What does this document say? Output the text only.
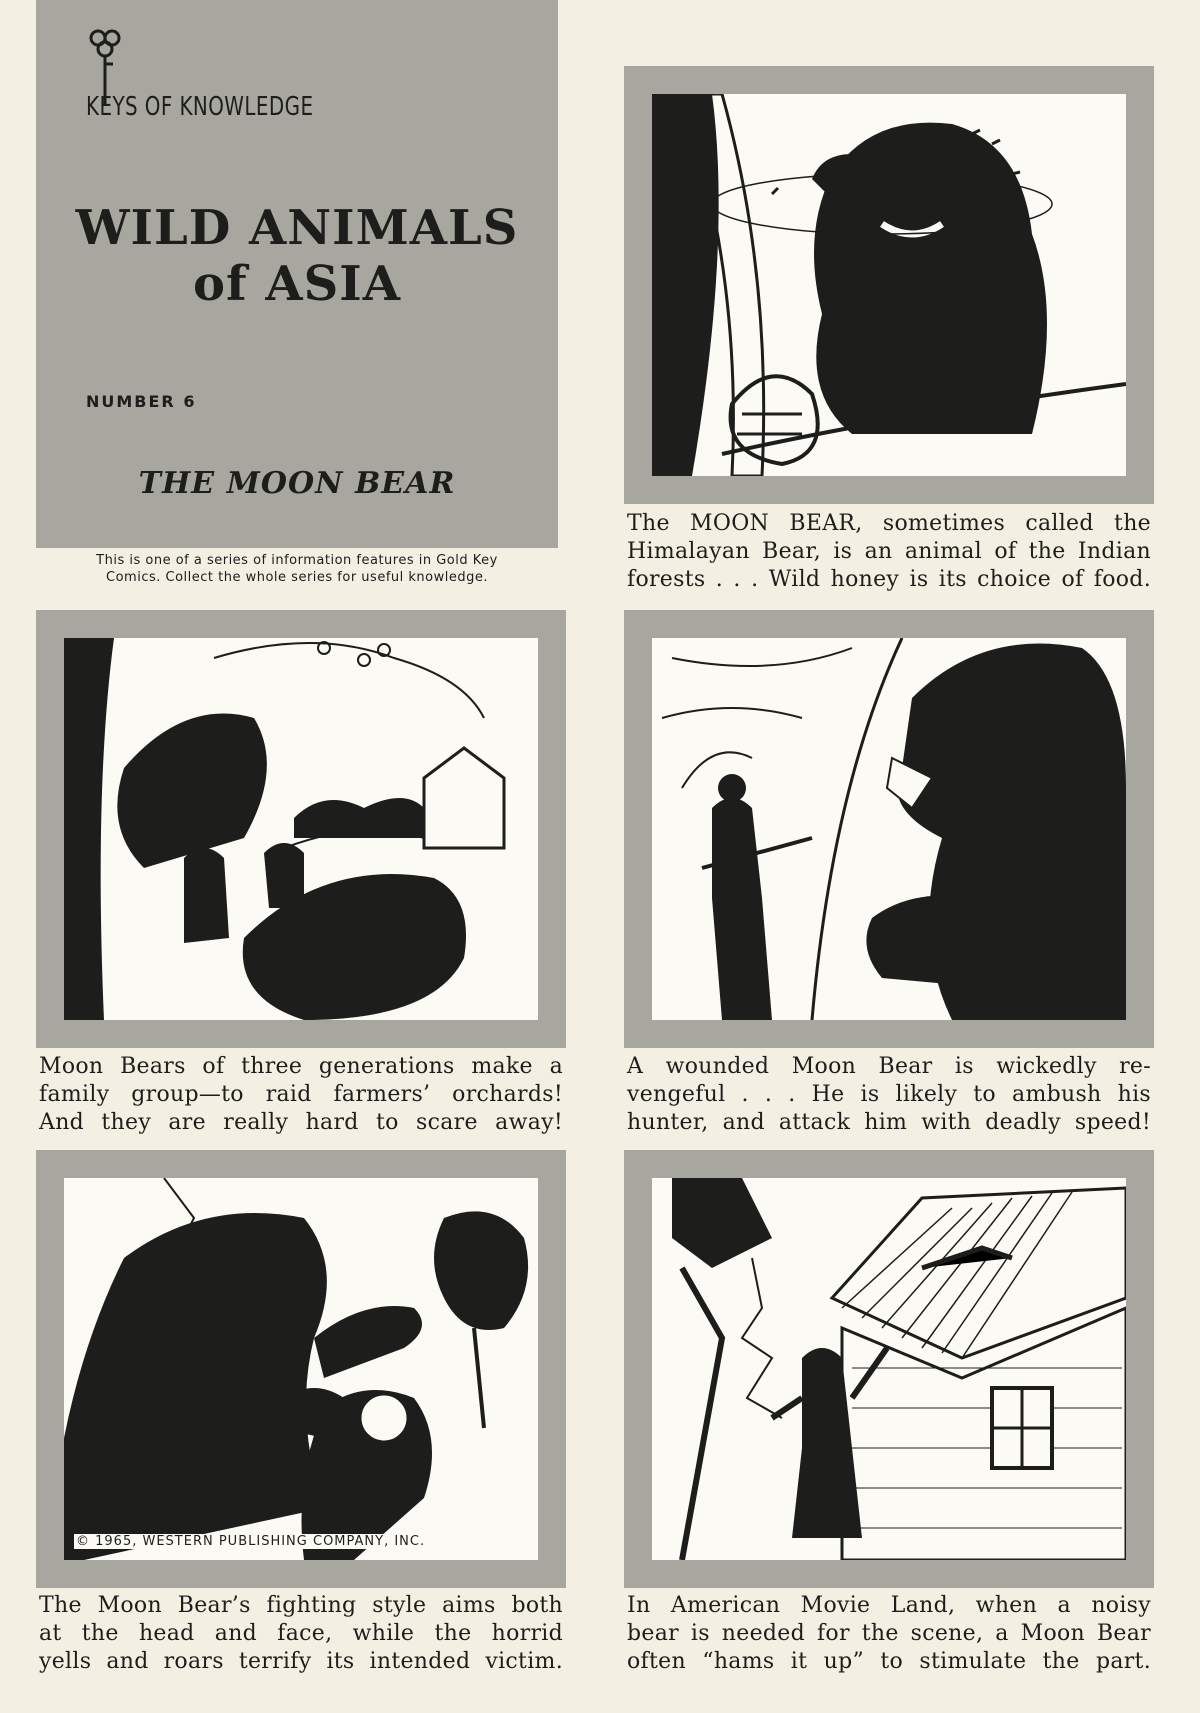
KEYS OF KNOWLEDGE
WILD ANIMALS
of ASIA
NUMBER 6
THE MOON BEAR
This is one of a series of information features in Gold Key
Comics. Collect the whole series for useful knowledge.
The MOON BEAR, sometimes called the
Himalayan Bear, is an animal of the Indian
forests . . . Wild honey is its choice of food.
Moon Bears of three generations make a
family group—to raid farmers’ orchards!
And they are really hard to scare away!
A wounded Moon Bear is wickedly re-
vengeful . . . He is likely to ambush his
hunter, and attack him with deadly speed!
© 1965, WESTERN PUBLISHING COMPANY, INC.
The Moon Bear’s fighting style aims both
at the head and face, while the horrid
yells and roars terrify its intended victim.
In American Movie Land, when a noisy
bear is needed for the scene, a Moon Bear
often “hams it up” to stimulate the part.
